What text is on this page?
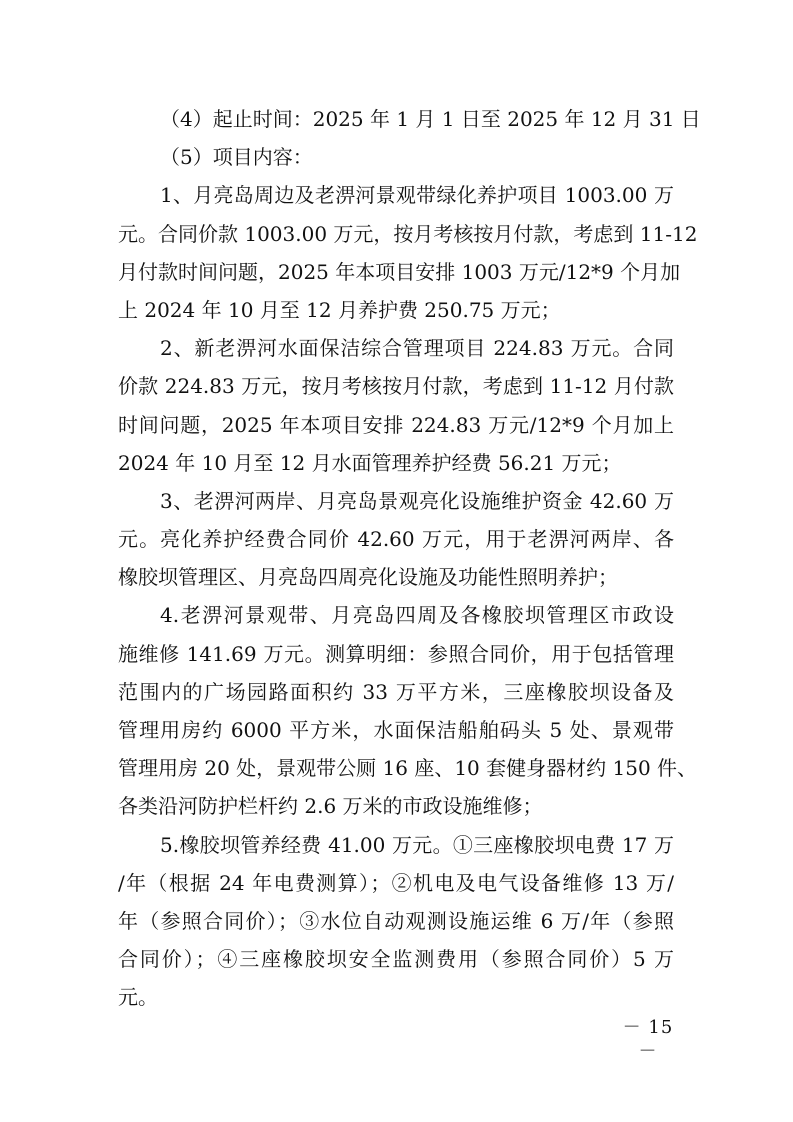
（4）起止时间：2025 年 1 月 1 日至 2025 年 12 月 31 日
（5）项目内容：
1、月亮岛周边及老淠河景观带绿化养护项目 1003.00 万
元。合同价款 1003.00 万元，按月考核按月付款，考虑到 11-12
月付款时间问题，2025 年本项目安排 1003 万元/12*9 个月加
上 2024 年 10 月至 12 月养护费 250.75 万元；
2、新老淠河水面保洁综合管理项目 224.83 万元。合同
价款 224.83 万元，按月考核按月付款，考虑到 11-12 月付款
时间问题，2025 年本项目安排 224.83 万元/12*9 个月加上
2024 年 10 月至 12 月水面管理养护经费 56.21 万元；
3、老淠河两岸、月亮岛景观亮化设施维护资金 42.60 万
元。亮化养护经费合同价 42.60 万元，用于老淠河两岸、各
橡胶坝管理区、月亮岛四周亮化设施及功能性照明养护；
4.老淠河景观带、月亮岛四周及各橡胶坝管理区市政设
施维修 141.69 万元。测算明细：参照合同价，用于包括管理
范围内的广场园路面积约 33 万平方米，三座橡胶坝设备及
管理用房约 6000 平方米，水面保洁船舶码头 5 处、景观带
管理用房 20 处，景观带公厕 16 座、10 套健身器材约 150 件、
各类沿河防护栏杆约 2.6 万米的市政设施维修；
5.橡胶坝管养经费 41.00 万元。①三座橡胶坝电费 17 万
/年（根据 24 年电费测算）；②机电及电气设备维修 13 万/
年（参照合同价）；③水位自动观测设施运维 6 万/年（参照
合同价）；④三座橡胶坝安全监测费用（参照合同价）5 万
元。
－ 15 －
